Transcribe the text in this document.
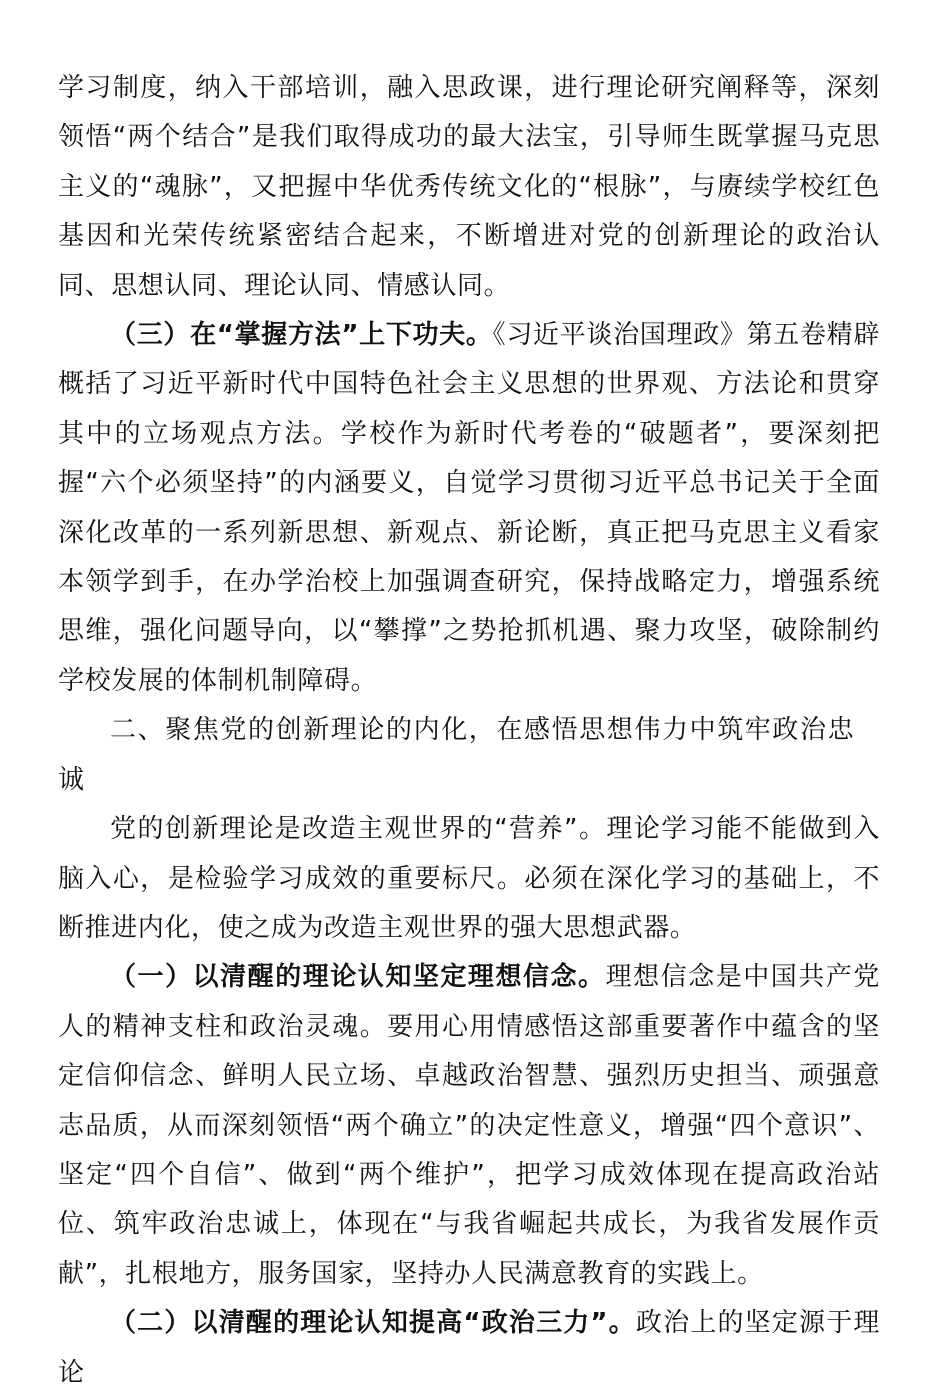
学习制度，纳入干部培训，融入思政课，进行理论研究阐释等，深刻领悟“两个结合”是我们取得成功的最大法宝，引导师生既掌握马克思主义的“魂脉”，又把握中华优秀传统文化的“根脉”，与赓续学校红色基因和光荣传统紧密结合起来，不断增进对党的创新理论的政治认同、思想认同、理论认同、情感认同。

（三）在“掌握方法”上下功夫。《习近平谈治国理政》第五卷精辟概括了习近平新时代中国特色社会主义思想的世界观、方法论和贯穿其中的立场观点方法。学校作为新时代考卷的“破题者”，要深刻把握“六个必须坚持”的内涵要义，自觉学习贯彻习近平总书记关于全面深化改革的一系列新思想、新观点、新论断，真正把马克思主义看家本领学到手，在办学治校上加强调查研究，保持战略定力，增强系统思维，强化问题导向，以“攀撑”之势抢抓机遇、聚力攻坚，破除制约学校发展的体制机制障碍。

二、聚焦党的创新理论的内化，在感悟思想伟力中筑牢政治忠诚

党的创新理论是改造主观世界的“营养”。理论学习能不能做到入脑入心，是检验学习成效的重要标尺。必须在深化学习的基础上，不断推进内化，使之成为改造主观世界的强大思想武器。

（一）以清醒的理论认知坚定理想信念。理想信念是中国共产党人的精神支柱和政治灵魂。要用心用情感悟这部重要著作中蕴含的坚定信仰信念、鲜明人民立场、卓越政治智慧、强烈历史担当、顽强意志品质，从而深刻领悟“两个确立”的决定性意义，增强“四个意识”、坚定“四个自信”、做到“两个维护”，把学习成效体现在提高政治站位、筑牢政治忠诚上，体现在“与我省崛起共成长，为我省发展作贡献”，扎根地方，服务国家，坚持办人民满意教育的实践上。

（二）以清醒的理论认知提高“政治三力”。政治上的坚定源于理论
